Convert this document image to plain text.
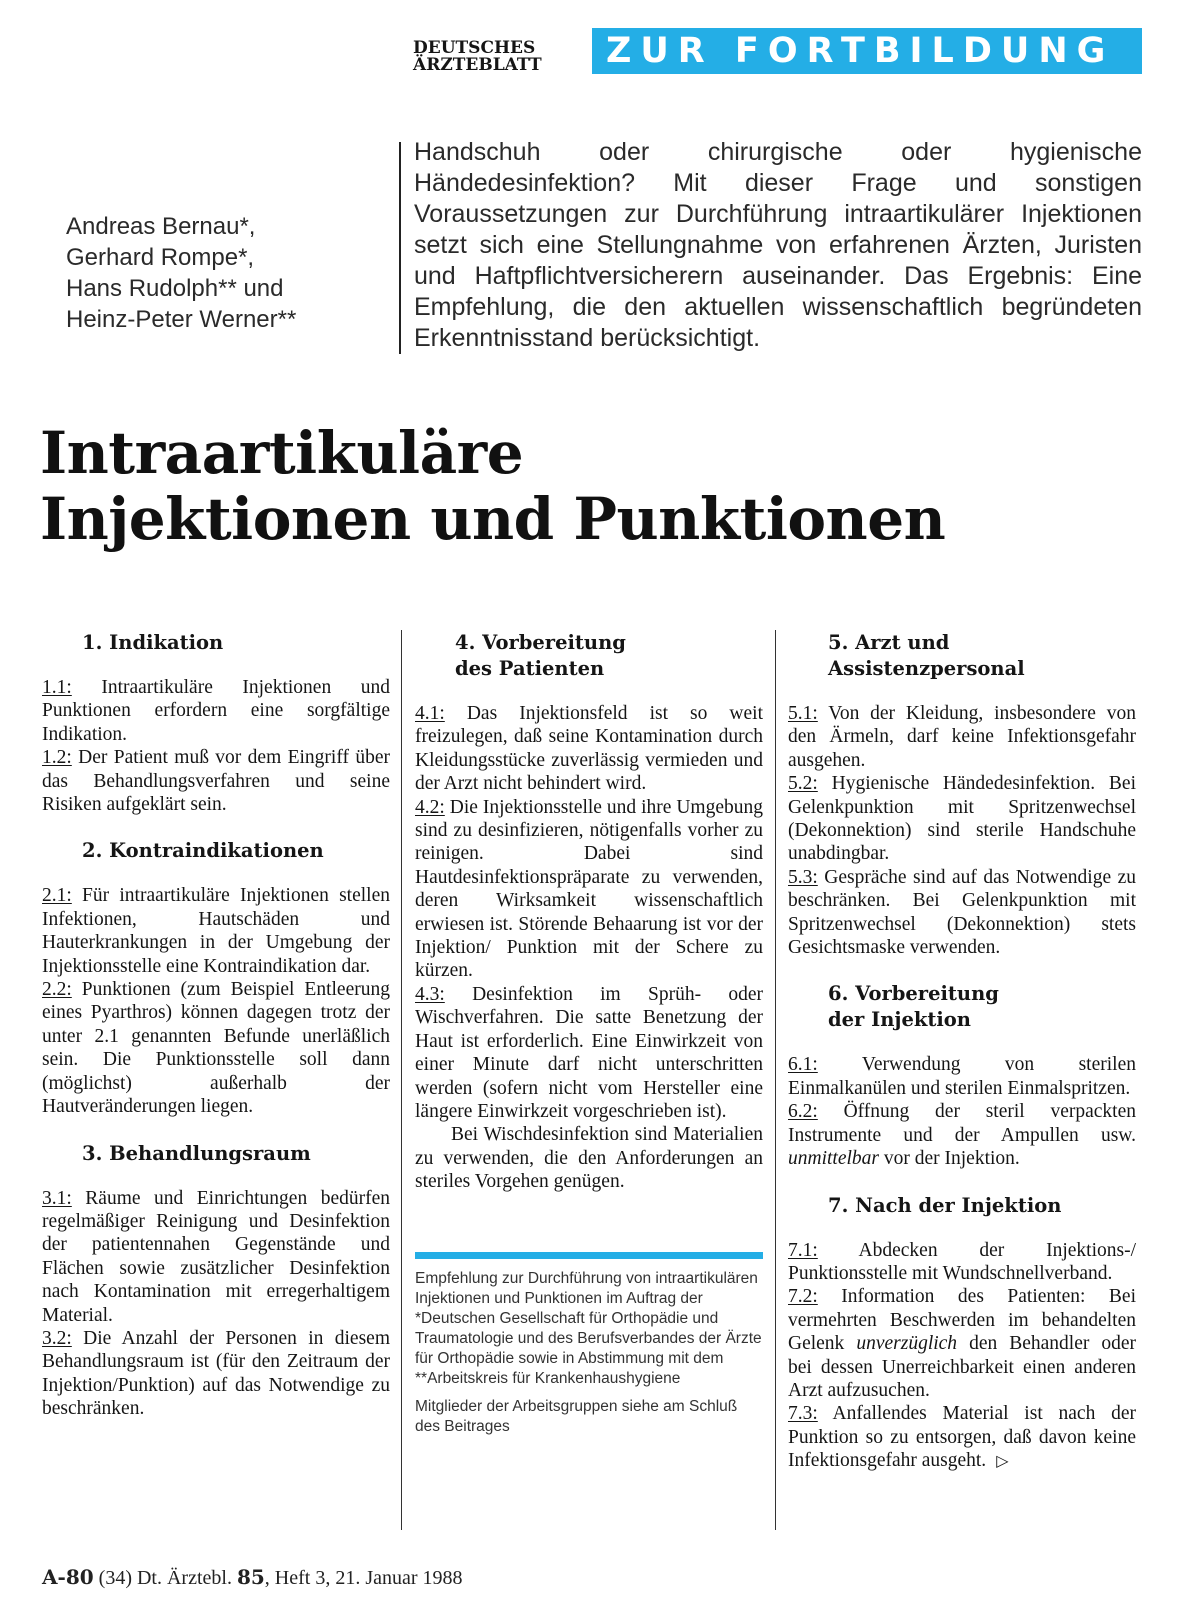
DEUTSCHES
ÄRZTEBLATT	ZUR FORTBILDUNG
Andreas Bernau*,
Gerhard Rompe*,
Hans Rudolph** und
Heinz-Peter Werner**
Handschuh oder chirurgische oder hygienische Händedesinfektion? Mit dieser Frage und sonstigen Voraussetzungen zur Durchführung intraartikulärer Injektionen setzt sich eine Stellungnahme von erfahrenen Ärzten, Juristen und Haftpflichtversicherern auseinander. Das Ergebnis: Eine Empfehlung, die den aktuellen wissenschaftlich begründeten Erkenntnisstand berücksichtigt.
Intraartikuläre
Injektionen und Punktionen
1. Indikation

1.1: Intraartikuläre Injektionen und Punktionen erfordern eine sorgfältige Indikation.

1.2: Der Patient muß vor dem Eingriff über das Behandlungsverfahren und seine Risiken aufgeklärt sein.

2. Kontraindikationen

2.1: Für intraartikuläre Injektionen stellen Infektionen, Hautschäden und Hauterkrankungen in der Umgebung der Injektionsstelle eine Kontraindikation dar.

2.2: Punktionen (zum Beispiel Entleerung eines Pyarthros) können dagegen trotz der unter 2.1 genannten Befunde unerläßlich sein. Die Punktionsstelle soll dann (möglichst) außerhalb der Hautveränderungen liegen.

3. Behandlungsraum

3.1: Räume und Einrichtungen bedürfen regelmäßiger Reinigung und Desinfektion der patientennahen Gegenstände und Flächen sowie zusätzlicher Desinfektion nach Kontamination mit erregerhaltigem Material.

3.2: Die Anzahl der Personen in diesem Behandlungsraum ist (für den Zeitraum der Injektion/Punktion) auf das Notwendige zu beschränken.

4. Vorbereitung
des Patienten

4.1: Das Injektionsfeld ist so weit freizulegen, daß seine Kontamination durch Kleidungsstücke zuverlässig vermieden und der Arzt nicht behindert wird.

4.2: Die Injektionsstelle und ihre Umgebung sind zu desinfizieren, nötigenfalls vorher zu reinigen. Dabei sind Hautdesinfektionspräparate zu verwenden, deren Wirksamkeit wissenschaftlich erwiesen ist. Störende Behaarung ist vor der Injektion/ Punktion mit der Schere zu kürzen.

4.3: Desinfektion im Sprüh- oder Wischverfahren. Die satte Benetzung der Haut ist erforderlich. Eine Einwirkzeit von einer Minute darf nicht unterschritten werden (sofern nicht vom Hersteller eine längere Einwirkzeit vorgeschrieben ist).

Bei Wischdesinfektion sind Materialien zu verwenden, die den Anforderungen an steriles Vorgehen genügen.

Empfehlung zur Durchführung von intraartikulären Injektionen und Punktionen im Auftrag der *Deutschen Gesellschaft für Orthopädie und Traumatologie und des Berufsverbandes der Ärzte für Orthopädie sowie in Abstimmung mit dem **Arbeitskreis für Krankenhaushygiene

Mitglieder der Arbeitsgruppen siehe am Schluß des Beitrages

5. Arzt und
Assistenzpersonal

5.1: Von der Kleidung, insbesondere von den Ärmeln, darf keine Infektionsgefahr ausgehen.

5.2: Hygienische Händedesinfektion. Bei Gelenkpunktion mit Spritzenwechsel (Dekonnektion) sind sterile Handschuhe unabdingbar.

5.3: Gespräche sind auf das Notwendige zu beschränken. Bei Gelenkpunktion mit Spritzenwechsel (Dekonnektion) stets Gesichtsmaske verwenden.

6. Vorbereitung
der Injektion

6.1: Verwendung von sterilen Einmalkanülen und sterilen Einmalspritzen.

6.2: Öffnung der steril verpackten Instrumente und der Ampullen usw. unmittelbar vor der Injektion.

7. Nach der Injektion

7.1: Abdecken der Injektions-/ Punktionsstelle mit Wundschnellverband.

7.2: Information des Patienten: Bei vermehrten Beschwerden im behandelten Gelenk unverzüglich den Behandler oder bei dessen Unerreichbarkeit einen anderen Arzt aufzusuchen.

7.3: Anfallendes Material ist nach der Punktion so zu entsorgen, daß davon keine Infektionsgefahr ausgeht. ▷

A-80 (34) Dt. Ärztebl. 85, Heft 3, 21. Januar 1988
